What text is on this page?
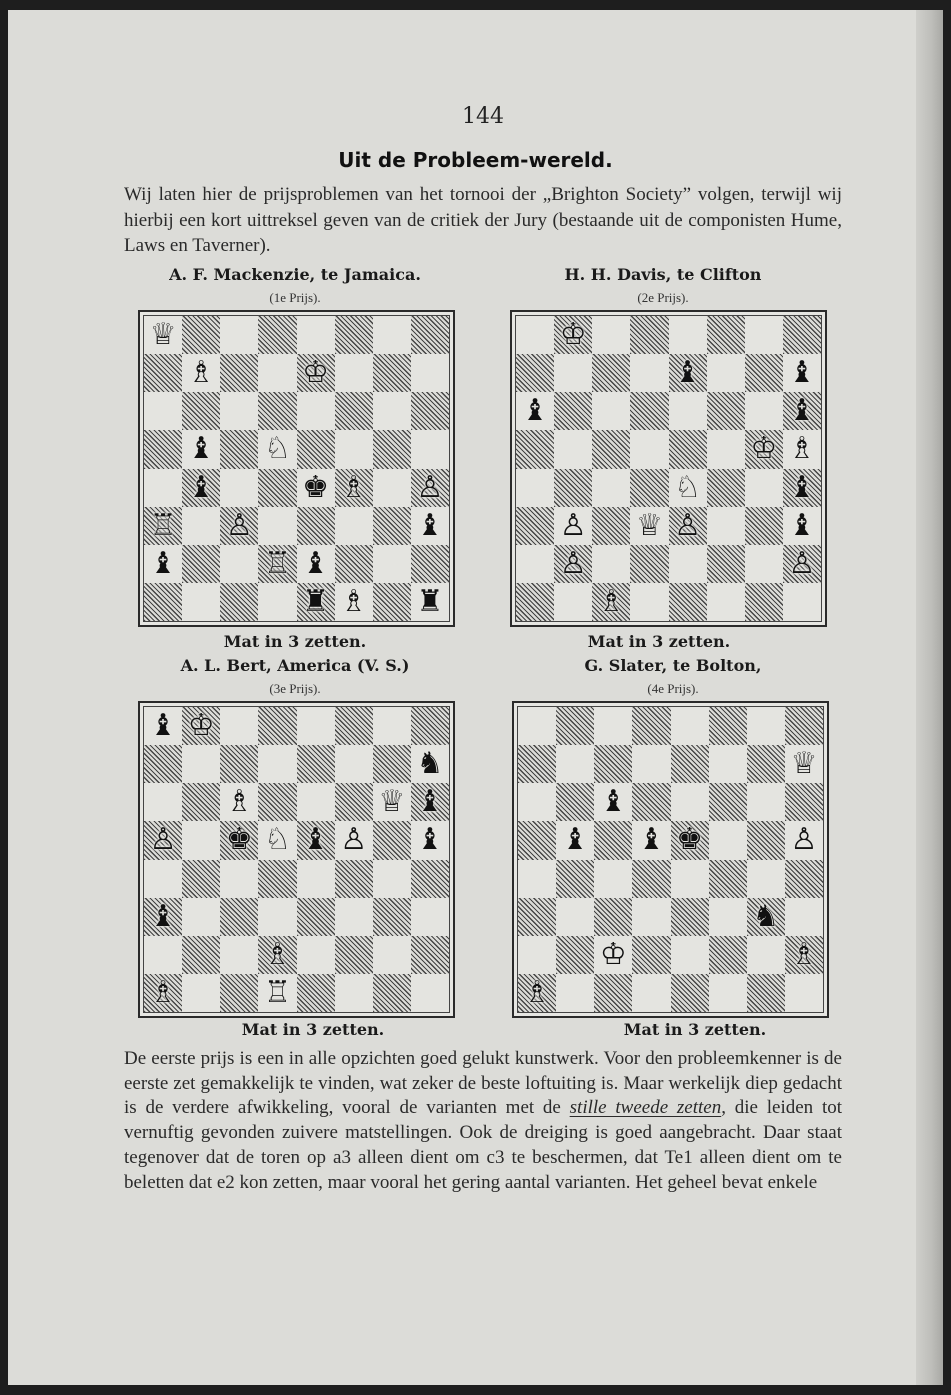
144
Uit de Probleem-wereld.
Wij laten hier de prijsproblemen van het tornooi der „Brighton Society” volgen, terwijl wij hierbij een kort uittreksel geven van de critiek der Jury (bestaande uit de componisten Hume, Laws en Taverner).
A. F. Mackenzie, te Jamaica.
(1e Prijs).
♕
♗	♔
♝ ♘
♝	♚ ♗ ♙
♖ ♙	♝
♝	♖ ♝
♜ ♗ ♜
Mat in 3 zetten.
H. H. Davis, te Clifton
(2e Prijs).
♔
♝	♝
♝	♝
♔ ♗
♘	♝
♙ ♕ ♙	♝
♙	♙
♗
Mat in 3 zetten.
A. L. Bert, America (V. S.)
(3e Prijs).
♝ ♔
♞
♗	♕ ♝
♙ ♚ ♘ ♝ ♙ ♝
♝
♗
♗	♖
Mat in 3 zetten.
G. Slater, te Bolton,
(4e Prijs).
♕
♝
♝ ♝ ♚	♙
♞
♔	♗
♗
Mat in 3 zetten.
De eerste prijs is een in alle opzichten goed gelukt kunstwerk. Voor den probleemkenner is de eerste zet gemakkelijk te vinden, wat zeker de beste loftuiting is. Maar werkelijk diep gedacht is de verdere afwikkeling, vooral de varianten met de stille tweede zetten, die leiden tot vernuftig gevonden zuivere matstellingen. Ook de dreiging is goed aangebracht. Daar staat tegenover dat de toren op a3 alleen dient om c3 te beschermen, dat Te1 alleen dient om te beletten dat e2 kon zetten, maar vooral het gering aantal varianten. Het geheel bevat enkele
